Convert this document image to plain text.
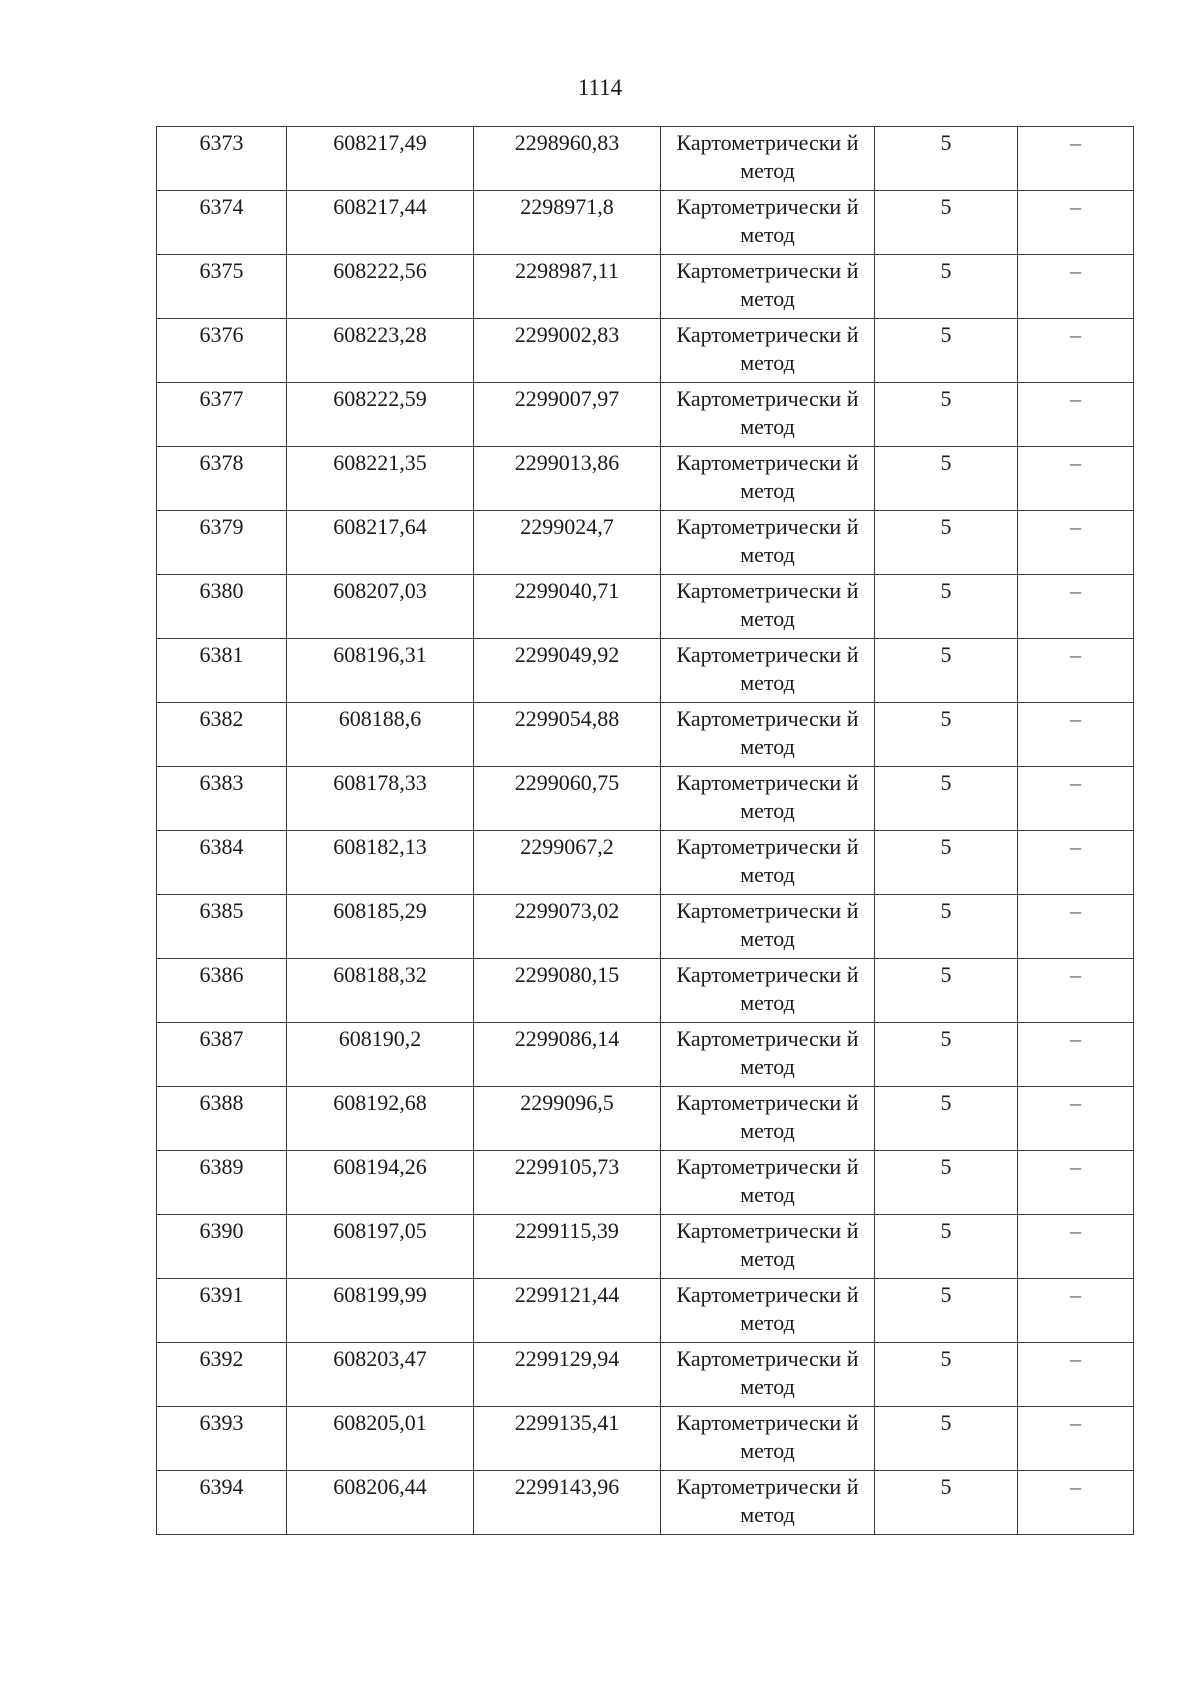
1114
6373	608217,49	2298960,83	Картометрически й метод	5	–

6374	608217,44	2298971,8	Картометрически й метод	5	–

6375	608222,56	2298987,11	Картометрически й метод	5	–

6376	608223,28	2299002,83	Картометрически й метод	5	–

6377	608222,59	2299007,97	Картометрически й метод	5	–

6378	608221,35	2299013,86	Картометрически й метод	5	–

6379	608217,64	2299024,7	Картометрически й метод	5	–

6380	608207,03	2299040,71	Картометрически й метод	5	–

6381	608196,31	2299049,92	Картометрически й метод	5	–

6382	608188,6	2299054,88	Картометрически й метод	5	–

6383	608178,33	2299060,75	Картометрически й метод	5	–

6384	608182,13	2299067,2	Картометрически й метод	5	–

6385	608185,29	2299073,02	Картометрически й метод	5	–

6386	608188,32	2299080,15	Картометрически й метод	5	–

6387	608190,2	2299086,14	Картометрически й метод	5	–

6388	608192,68	2299096,5	Картометрически й метод	5	–

6389	608194,26	2299105,73	Картометрически й метод	5	–

6390	608197,05	2299115,39	Картометрически й метод	5	–

6391	608199,99	2299121,44	Картометрически й метод	5	–

6392	608203,47	2299129,94	Картометрически й метод	5	–

6393	608205,01	2299135,41	Картометрически й метод	5	–

6394	608206,44	2299143,96	Картометрически й метод	5	–
